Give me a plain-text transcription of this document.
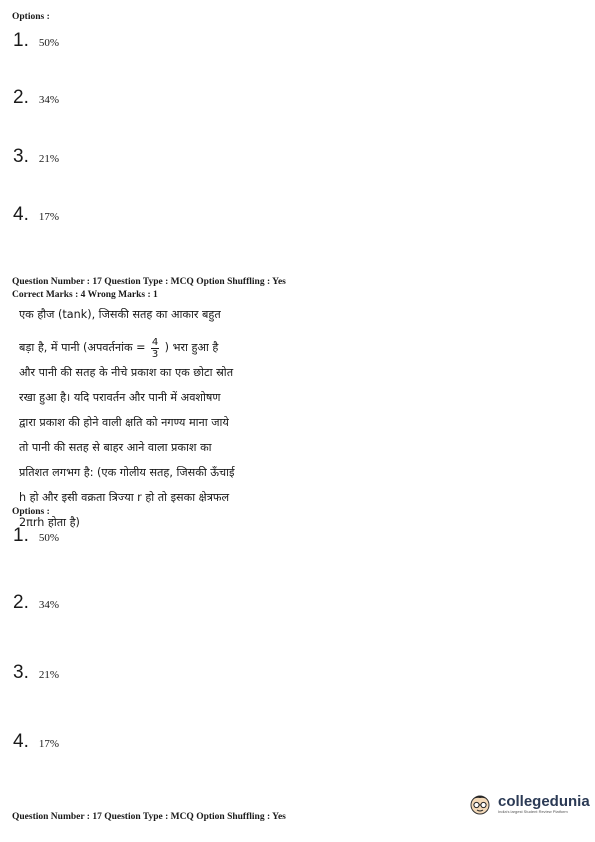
Options :
1. 50%
2. 34%
3. 21%
4. 17%
Question Number : 17 Question Type : MCQ Option Shuffling : Yes
Correct Marks : 4 Wrong Marks : 1
एक हौज (tank), जिसकी सतह का आकार बहुत
बड़ा है, में पानी (अपवर्तनांक = $\frac{4}{3}$ ) भरा हुआ है
और पानी की सतह के नीचे प्रकाश का एक छोटा स्रोत
रखा हुआ है। यदि परावर्तन और पानी में अवशोषण
द्वारा प्रकाश की होने वाली क्षति को नगण्य माना जाये
तो पानी की सतह से बाहर आने वाला प्रकाश का
प्रतिशत लगभग है: (एक गोलीय सतह, जिसकी ऊँचाई
h हो और इसी वक्रता त्रिज्या r हो तो इसका क्षेत्रफल
2πrh होता है)
Options :
1. 50%
2. 34%
3. 21%
4. 17%
Question Number : 17 Question Type : MCQ Option Shuffling : Yes
collegedunia
India's largest Student Review Platform
